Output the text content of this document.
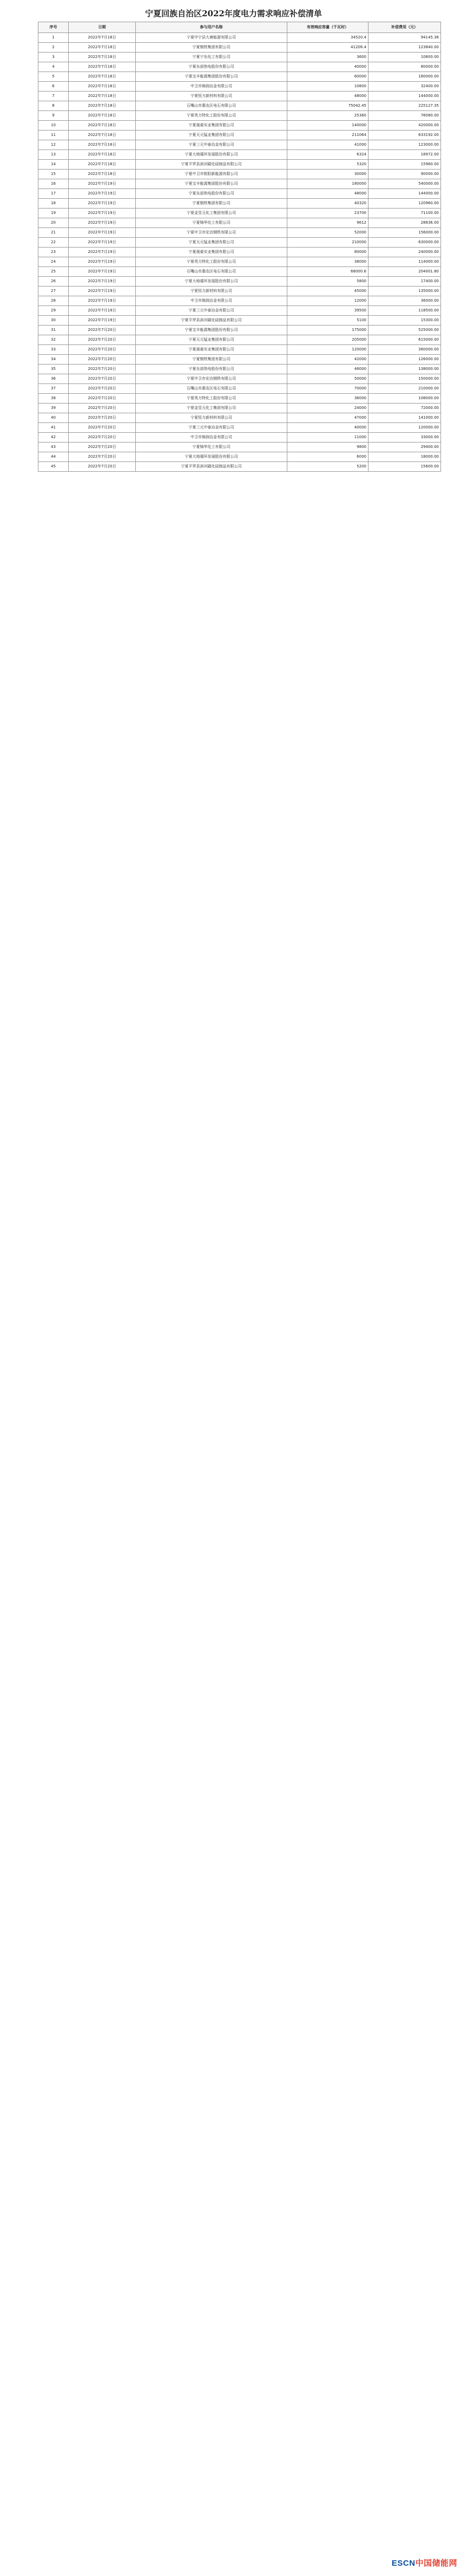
宁夏回族自治区2022年度电力需求响应补偿清单
序号	日期	参与用户名称	有效响应容量（千瓦时）	补偿费用（元）
1	2022年7月18日	宁夏中宁县大唐能源有限公司	34520.4	94145.36
2	2022年7月18日	宁夏钢铁集团有限公司	41206.4	123840.00
3	2022年7月18日	宁夏宁东化工有限公司	3600	10800.00
4	2022年7月18日	宁夏东部热电股份有限公司	40000	80000.00
5	2022年7月18日	宁夏宝丰能源集团股份有限公司	60000	180000.00
6	2022年7月18日	中卫市锦润冶金有限公司	10800	32400.00
7	2022年7月18日	宁夏恒力新材料有限公司	48000	144000.00
8	2022年7月18日	石嘴山市惠农区电石有限公司	75042.45	225127.35
9	2022年7月18日	宁夏英力特化工股份有限公司	25360	76080.00
10	2022年7月18日	宁夏晟晏实业集团有限公司	140000	420000.00
11	2022年7月18日	宁夏天元锰业集团有限公司	211064	633192.00
12	2022年7月18日	宁夏三元中泰冶金有限公司	41000	123000.00
13	2022年7月18日	宁夏大地循环发展股份有限公司	6324	18972.00
14	2022年7月18日	宁夏平罗县滨河碳化硅制品有限公司	5320	15960.00
15	2022年7月18日	宁夏中卫市银阳新能源有限公司	30000	90000.00
16	2022年7月19日	宁夏宝丰能源集团股份有限公司	180000	540000.00
17	2022年7月19日	宁夏东部热电股份有限公司	48000	144000.00
18	2022年7月19日	宁夏钢铁集团有限公司	40320	120960.00
19	2022年7月19日	宁夏金昱元化工集团有限公司	23700	71100.00
20	2022年7月19日	宁夏锦华化工有限公司	9612	28836.00
21	2022年7月19日	宁夏中卫市宏达钢铁有限公司	52000	156000.00
22	2022年7月19日	宁夏天元锰业集团有限公司	210000	630000.00
23	2022年7月19日	宁夏晟晏实业集团有限公司	80000	240000.00
24	2022年7月19日	宁夏英力特化工股份有限公司	38000	114000.00
25	2022年7月19日	石嘴山市惠农区电石有限公司	68000.6	204001.80
26	2022年7月19日	宁夏大地循环发展股份有限公司	5800	17400.00
27	2022年7月19日	宁夏恒力新材料有限公司	45000	135000.00
28	2022年7月19日	中卫市锦润冶金有限公司	12000	36000.00
29	2022年7月19日	宁夏三元中泰冶金有限公司	39500	118500.00
30	2022年7月19日	宁夏平罗县滨河碳化硅制品有限公司	5100	15300.00
31	2022年7月20日	宁夏宝丰能源集团股份有限公司	175000	525000.00
32	2022年7月20日	宁夏天元锰业集团有限公司	205000	615000.00
33	2022年7月20日	宁夏晟晏实业集团有限公司	120000	360000.00
34	2022年7月20日	宁夏钢铁集团有限公司	42000	126000.00
35	2022年7月20日	宁夏东部热电股份有限公司	46000	138000.00
36	2022年7月20日	宁夏中卫市宏达钢铁有限公司	50000	150000.00
37	2022年7月20日	石嘴山市惠农区电石有限公司	70000	210000.00
38	2022年7月20日	宁夏英力特化工股份有限公司	36000	108000.00
39	2022年7月20日	宁夏金昱元化工集团有限公司	24000	72000.00
40	2022年7月20日	宁夏恒力新材料有限公司	47000	141000.00
41	2022年7月20日	宁夏三元中泰冶金有限公司	40000	120000.00
42	2022年7月20日	中卫市锦润冶金有限公司	11000	33000.00
43	2022年7月20日	宁夏锦华化工有限公司	9800	29400.00
44	2022年7月20日	宁夏大地循环发展股份有限公司	6000	18000.00
45	2022年7月20日	宁夏平罗县滨河碳化硅制品有限公司	5200	15600.00
ESCN中国储能网
